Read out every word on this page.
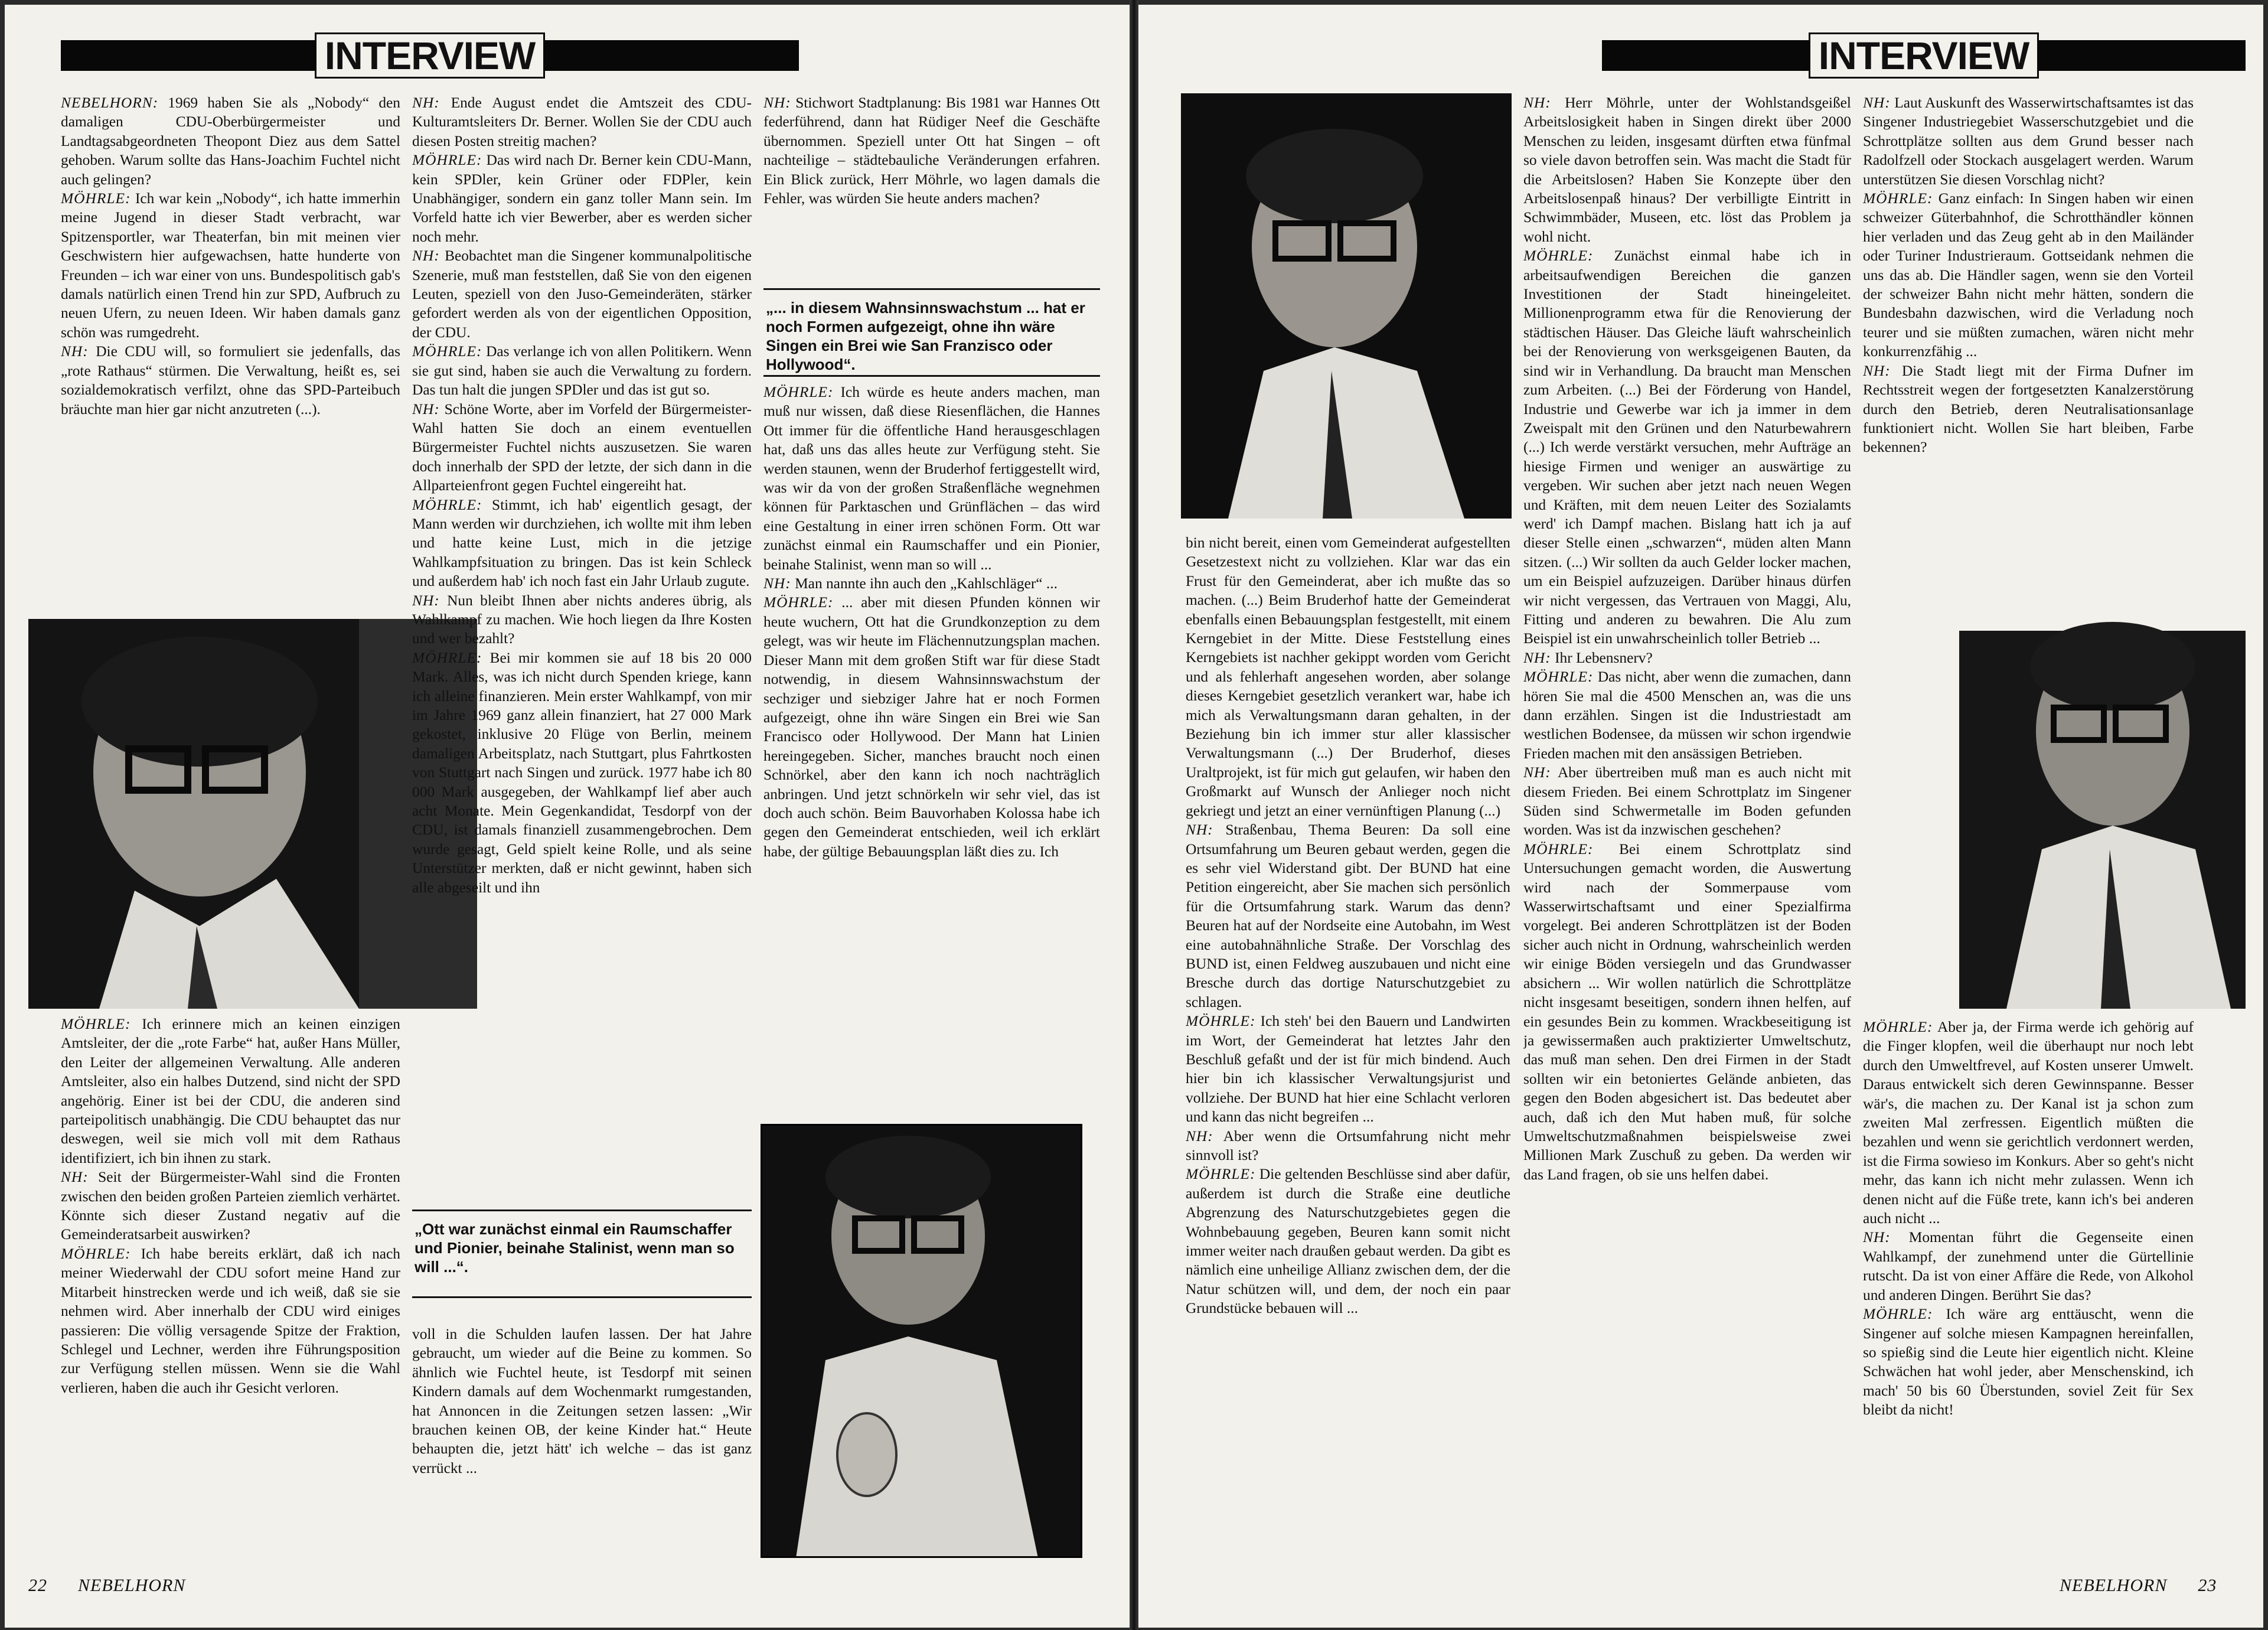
INTERVIEW

NEBELHORN: 1969 haben Sie als „Nobody“ den damaligen CDU-Oberbürgermeister und Landtagsabgeordneten Theopont Diez aus dem Sattel gehoben. Warum sollte das Hans-Joachim Fuchtel nicht auch gelingen?

MÖHRLE: Ich war kein „Nobody“, ich hatte immerhin meine Jugend in dieser Stadt verbracht, war Spitzensportler, war Theaterfan, bin mit meinen vier Geschwistern hier aufgewachsen, hatte hunderte von Freunden – ich war einer von uns. Bundespolitisch gab's damals natürlich einen Trend hin zur SPD, Aufbruch zu neuen Ufern, zu neuen Ideen. Wir haben damals ganz schön was rumgedreht.

NH: Die CDU will, so formuliert sie jedenfalls, das „rote Rathaus“ stürmen. Die Verwaltung, heißt es, sei sozialdemokratisch verfilzt, ohne das SPD-Parteibuch bräuchte man hier gar nicht anzutreten (...).

MÖHRLE: Ich erinnere mich an keinen einzigen Amtsleiter, der die „rote Farbe“ hat, außer Hans Müller, den Leiter der allgemeinen Verwaltung. Alle anderen Amtsleiter, also ein halbes Dutzend, sind nicht der SPD angehörig. Einer ist bei der CDU, die anderen sind parteipolitisch unabhängig. Die CDU behauptet das nur deswegen, weil sie mich voll mit dem Rathaus identifiziert, ich bin ihnen zu stark.

NH: Seit der Bürgermeister-Wahl sind die Fronten zwischen den beiden großen Parteien ziemlich verhärtet. Könnte sich dieser Zustand negativ auf die Gemeinderatsarbeit auswirken?

MÖHRLE: Ich habe bereits erklärt, daß ich nach meiner Wiederwahl der CDU sofort meine Hand zur Mitarbeit hinstrecken werde und ich weiß, daß sie sie nehmen wird. Aber innerhalb der CDU wird einiges passieren: Die völlig versagende Spitze der Fraktion, Schlegel und Lechner, werden ihre Führungsposition zur Verfügung stellen müssen. Wenn sie die Wahl verlieren, haben die auch ihr Gesicht verloren.

NH: Ende August endet die Amtszeit des CDU-Kulturamtsleiters Dr. Berner. Wollen Sie der CDU auch diesen Posten streitig machen?

MÖHRLE: Das wird nach Dr. Berner kein CDU-Mann, kein SPDler, kein Grüner oder FDPler, kein Unabhängiger, sondern ein ganz toller Mann sein. Im Vorfeld hatte ich vier Bewerber, aber es werden sicher noch mehr.

NH: Beobachtet man die Singener kommunalpolitische Szenerie, muß man feststellen, daß Sie von den eigenen Leuten, speziell von den Juso-Gemeinderäten, stärker gefordert werden als von der eigentlichen Opposition, der CDU.

MÖHRLE: Das verlange ich von allen Politikern. Wenn sie gut sind, haben sie auch die Verwaltung zu fordern. Das tun halt die jungen SPDler und das ist gut so.

NH: Schöne Worte, aber im Vorfeld der Bürgermeister-Wahl hatten Sie doch an einem eventuellen Bürgermeister Fuchtel nichts auszusetzen. Sie waren doch innerhalb der SPD der letzte, der sich dann in die Allparteienfront gegen Fuchtel eingereiht hat.

MÖHRLE: Stimmt, ich hab' eigentlich gesagt, der Mann werden wir durchziehen, ich wollte mit ihm leben und hatte keine Lust, mich in die jetzige Wahlkampfsituation zu bringen. Das ist kein Schleck und außerdem hab' ich noch fast ein Jahr Urlaub zugute.

NH: Nun bleibt Ihnen aber nichts anderes übrig, als Wahlkampf zu machen. Wie hoch liegen da Ihre Kosten und wer bezahlt?

MÖHRLE: Bei mir kommen sie auf 18 bis 20 000 Mark. Alles, was ich nicht durch Spenden kriege, kann ich alleine finanzieren. Mein erster Wahlkampf, von mir im Jahre 1969 ganz allein finanziert, hat 27 000 Mark gekostet, inklusive 20 Flüge von Berlin, meinem damaligen Arbeitsplatz, nach Stuttgart, plus Fahrtkosten von Stuttgart nach Singen und zurück. 1977 habe ich 80 000 Mark ausgegeben, der Wahlkampf lief aber auch acht Monate. Mein Gegenkandidat, Tesdorpf von der CDU, ist damals finanziell zusammengebrochen. Dem wurde gesagt, Geld spielt keine Rolle, und als seine Unterstützer merkten, daß er nicht gewinnt, haben sich alle abgeseilt und ihn

„Ott war zunächst einmal ein Raumschaffer und Pionier, beinahe Stalinist, wenn man so will ...“.

voll in die Schulden laufen lassen. Der hat Jahre gebraucht, um wieder auf die Beine zu kommen. So ähnlich wie Fuchtel heute, ist Tesdorpf mit seinen Kindern damals auf dem Wochenmarkt rumgestanden, hat Annoncen in die Zeitungen setzen lassen: „Wir brauchen keinen OB, der keine Kinder hat.“ Heute behaupten die, jetzt hätt' ich welche – das ist ganz verrückt ...

NH: Stichwort Stadtplanung: Bis 1981 war Hannes Ott federführend, dann hat Rüdiger Neef die Geschäfte übernommen. Speziell unter Ott hat Singen – oft nachteilige – städtebauliche Veränderungen erfahren. Ein Blick zurück, Herr Möhrle, wo lagen damals die Fehler, was würden Sie heute anders machen?

„... in diesem Wahnsinnswachstum ... hat er noch Formen aufgezeigt, ohne ihn wäre Singen ein Brei wie San Franzisco oder Hollywood“.

MÖHRLE: Ich würde es heute anders machen, man muß nur wissen, daß diese Riesenflächen, die Hannes Ott immer für die öffentliche Hand herausgeschlagen hat, daß uns das alles heute zur Verfügung steht. Sie werden staunen, wenn der Bruderhof fertiggestellt wird, was wir da von der großen Straßenfläche wegnehmen können für Parktaschen und Grünflächen – das wird eine Gestaltung in einer irren schönen Form. Ott war zunächst einmal ein Raumschaffer und ein Pionier, beinahe Stalinist, wenn man so will ...

NH: Man nannte ihn auch den „Kahlschläger“ ...

MÖHRLE: ... aber mit diesen Pfunden können wir heute wuchern, Ott hat die Grundkonzeption zu dem gelegt, was wir heute im Flächennutzungsplan machen. Dieser Mann mit dem großen Stift war für diese Stadt notwendig, in diesem Wahnsinnswachstum der sechziger und siebziger Jahre hat er noch Formen aufgezeigt, ohne ihn wäre Singen ein Brei wie San Francisco oder Hollywood. Der Mann hat Linien hereingegeben. Sicher, manches braucht noch einen Schnörkel, aber den kann ich noch nachträglich anbringen. Und jetzt schnörkeln wir sehr viel, das ist doch auch schön. Beim Bauvorhaben Kolossa habe ich gegen den Gemeinderat entschieden, weil ich erklärt habe, der gültige Bebauungsplan läßt dies zu. Ich

22 NEBELHORN
INTERVIEW

bin nicht bereit, einen vom Gemeinderat aufgestellten Gesetzestext nicht zu vollziehen. Klar war das ein Frust für den Gemeinderat, aber ich mußte das so machen. (...) Beim Bruderhof hatte der Gemeinderat ebenfalls einen Bebauungsplan festgestellt, mit einem Kerngebiet in der Mitte. Diese Feststellung eines Kerngebiets ist nachher gekippt worden vom Gericht und als fehlerhaft angesehen worden, aber solange dieses Kerngebiet gesetzlich verankert war, habe ich mich als Verwaltungsmann daran gehalten, in der Beziehung bin ich immer stur aller klassischer Verwaltungsmann (...) Der Bruderhof, dieses Uraltprojekt, ist für mich gut gelaufen, wir haben den Großmarkt auf Wunsch der Anlieger noch nicht gekriegt und jetzt an einer vernünftigen Planung (...)

NH: Straßenbau, Thema Beuren: Da soll eine Ortsumfahrung um Beuren gebaut werden, gegen die es sehr viel Widerstand gibt. Der BUND hat eine Petition eingereicht, aber Sie machen sich persönlich für die Ortsumfahrung stark. Warum das denn? Beuren hat auf der Nordseite eine Autobahn, im West eine autobahnähnliche Straße. Der Vorschlag des BUND ist, einen Feldweg auszubauen und nicht eine Bresche durch das dortige Naturschutzgebiet zu schlagen.

MÖHRLE: Ich steh' bei den Bauern und Landwirten im Wort, der Gemeinderat hat letztes Jahr den Beschluß gefaßt und der ist für mich bindend. Auch hier bin ich klassischer Verwaltungsjurist und vollziehe. Der BUND hat hier eine Schlacht verloren und kann das nicht begreifen ...

NH: Aber wenn die Ortsumfahrung nicht mehr sinnvoll ist?

MÖHRLE: Die geltenden Beschlüsse sind aber dafür, außerdem ist durch die Straße eine deutliche Abgrenzung des Naturschutzgebietes gegen die Wohnbebauung gegeben, Beuren kann somit nicht immer weiter nach draußen gebaut werden. Da gibt es nämlich eine unheilige Allianz zwischen dem, der die Natur schützen will, und dem, der noch ein paar Grundstücke bebauen will ...

NH: Herr Möhrle, unter der Wohlstandsgeißel Arbeitslosigkeit haben in Singen direkt über 2000 Menschen zu leiden, insgesamt dürften etwa fünfmal so viele davon betroffen sein. Was macht die Stadt für die Arbeitslosen? Haben Sie Konzepte über den Arbeitslosenpaß hinaus? Der verbilligte Eintritt in Schwimmbäder, Museen, etc. löst das Problem ja wohl nicht.

MÖHRLE: Zunächst einmal habe ich in arbeitsaufwendigen Bereichen die ganzen Investitionen der Stadt hineingeleitet. Millionenprogramm etwa für die Renovierung der städtischen Häuser. Das Gleiche läuft wahrscheinlich bei der Renovierung von werksgeigenen Bauten, da sind wir in Verhandlung. Da braucht man Menschen zum Arbeiten. (...) Bei der Förderung von Handel, Industrie und Gewerbe war ich ja immer in dem Zweispalt mit den Grünen und den Naturbewahrern (...) Ich werde verstärkt versuchen, mehr Aufträge an hiesige Firmen und weniger an auswärtige zu vergeben. Wir suchen aber jetzt nach neuen Wegen und Kräften, mit dem neuen Leiter des Sozialamts werd' ich Dampf machen. Bislang hatt ich ja auf dieser Stelle einen „schwarzen“, müden alten Mann sitzen. (...) Wir sollten da auch Gelder locker machen, um ein Beispiel aufzuzeigen. Darüber hinaus dürfen wir nicht vergessen, das Vertrauen von Maggi, Alu, Fitting und anderen zu bewahren. Die Alu zum Beispiel ist ein unwahrscheinlich toller Betrieb ...

NH: Ihr Lebensnerv?

MÖHRLE: Das nicht, aber wenn die zumachen, dann hören Sie mal die 4500 Menschen an, was die uns dann erzählen. Singen ist die Industriestadt am westlichen Bodensee, da müssen wir schon irgendwie Frieden machen mit den ansässigen Betrieben.

NH: Aber übertreiben muß man es auch nicht mit diesem Frieden. Bei einem Schrottplatz im Singener Süden sind Schwermetalle im Boden gefunden worden. Was ist da inzwischen geschehen?

MÖHRLE: Bei einem Schrottplatz sind Untersuchungen gemacht worden, die Auswertung wird nach der Sommerpause vom Wasserwirtschaftsamt und einer Spezialfirma vorgelegt. Bei anderen Schrottplätzen ist der Boden sicher auch nicht in Ordnung, wahrscheinlich werden wir einige Böden versiegeln und das Grundwasser absichern ... Wir wollen natürlich die Schrottplätze nicht insgesamt beseitigen, sondern ihnen helfen, auf ein gesundes Bein zu kommen. Wrackbeseitigung ist ja gewissermaßen auch praktizierter Umweltschutz, das muß man sehen. Den drei Firmen in der Stadt sollten wir ein betoniertes Gelände anbieten, das gegen den Boden abgesichert ist. Das bedeutet aber auch, daß ich den Mut haben muß, für solche Umweltschutzmaßnahmen beispielsweise zwei Millionen Mark Zuschuß zu geben. Da werden wir das Land fragen, ob sie uns helfen dabei.

NH: Laut Auskunft des Wasserwirtschaftsamtes ist das Singener Industriegebiet Wasserschutzgebiet und die Schrottplätze sollten aus dem Grund besser nach Radolfzell oder Stockach ausgelagert werden. Warum unterstützen Sie diesen Vorschlag nicht?

MÖHRLE: Ganz einfach: In Singen haben wir einen schweizer Güterbahnhof, die Schrotthändler können hier verladen und das Zeug geht ab in den Mailänder oder Turiner Industrieraum. Gottseidank nehmen die uns das ab. Die Händler sagen, wenn sie den Vorteil der schweizer Bahn nicht mehr hätten, sondern die Bundesbahn dazwischen, wird die Verladung noch teurer und sie müßten zumachen, wären nicht mehr konkurrenzfähig ...

NH: Die Stadt liegt mit der Firma Dufner im Rechtsstreit wegen der fortgesetzten Kanalzerstörung durch den Betrieb, deren Neutralisationsanlage funktioniert nicht. Wollen Sie hart bleiben, Farbe bekennen?

MÖHRLE: Aber ja, der Firma werde ich gehörig auf die Finger klopfen, weil die überhaupt nur noch lebt durch den Umweltfrevel, auf Kosten unserer Umwelt. Daraus entwickelt sich deren Gewinnspanne. Besser wär's, die machen zu. Der Kanal ist ja schon zum zweiten Mal zerfressen. Eigentlich müßten die bezahlen und wenn sie gerichtlich verdonnert werden, ist die Firma sowieso im Konkurs. Aber so geht's nicht mehr, das kann ich nicht mehr zulassen. Wenn ich denen nicht auf die Füße trete, kann ich's bei anderen auch nicht ...

NH: Momentan führt die Gegenseite einen Wahlkampf, der zunehmend unter die Gürtellinie rutscht. Da ist von einer Affäre die Rede, von Alkohol und anderen Dingen. Berührt Sie das?

MÖHRLE: Ich wäre arg enttäuscht, wenn die Singener auf solche miesen Kampagnen hereinfallen, so spießig sind die Leute hier eigentlich nicht. Kleine Schwächen hat wohl jeder, aber Menschenskind, ich mach' 50 bis 60 Überstunden, soviel Zeit für Sex bleibt da nicht!

NEBELHORN 23
